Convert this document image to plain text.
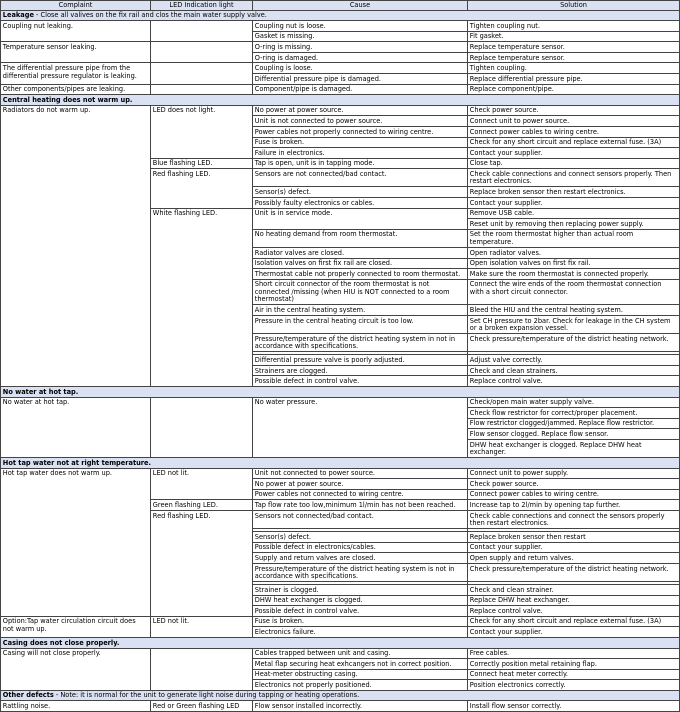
Complaint	LED Indication light	Cause	Solution
Leakage - Close all valives on the fix rail and clos the main water supply valve.			
Coupling nut leaking.		Coupling nut is loose.	Tighten coupling nut.
		Gasket is missing.	Fit gasket.
Temperature sensor leaking.		O-ring is missing.	Replace temperature sensor.
		O-ring is damaged.	Replace temperature sensor.
The differential pressure pipe from the differential pressure regulator is leaking.		Coupling is loose.	Tighten coupling.
		Differential pressure pipe is damaged.	Replace differential pressure pipe.
Other components/pipes are leaking.		Component/pipe is damaged.	Replace component/pipe.
Central heating does not warm up.			
Radiators do not warm up.	LED does not light.	No power at power source.	Check power source.
		Unit is not connected to power source.	Connect unit to power source.
		Power cables not properly connected to wiring centre.	Connect power cables to wiring centre.
		Fuse is broken.	Check for any short circuit and replace external fuse. (3A)
		Failure in electronics.	Contact your supplier.
	Blue flashing LED.	Tap is open, unit is in tapping mode.	Close tap.
	Red flashing LED.	Sensors are not connected/bad contact.	Check cable connections and connect sensors properly. Then restart electronics.
		Sensor(s) defect.	Replace broken sensor then restart electronics.
		Possibly faulty electronics or cables.	Contact your supplier.
	White flashing LED.	Unit is in service mode.	Remove USB cable.
			Reset unit by removing then replacing power supply.
		No heating demand from room thermostat.	Set the room thermostat higher than actual room temperature.
		Radiator valves are closed.	Open radiator valves.
		Isolation valves on first fix rail are closed.	Open isolation valves on first fix rail.
		Thermostat cable not properly connected to room thermostat.	Make sure the room thermostat is connected properly.
		Short circuit connector of the room thermostat is not connected /missing (when HIU is NOT connected to a room thermostat)	Connect the wire ends of the room thermostat connection with a short circuit connector.
		Air in the central heating system.	Bleed the HIU and the central heating system.
		Pressure in the central heating circuit is too low.	Set CH pressure to 2bar. Check for leakage in the CH system or a broken expansion vessel.
		Pressure/temperature of the district heating system in not in accordance with specifications.	Check pressure/temperature of the district heating network.

		Differential pressure valve is poorly adjusted.	Adjust valve correctly.
		Strainers are clogged.	Check and clean strainers.
		Possible defect in control valve.	Replace control valve.
No water at hot tap.			
No water at hot tap.		No water pressure.	Check/open main water supply valve.
			Check flow restrictor for correct/proper placement.
			Flow restrictor clogged/jammed. Replace flow restrictor.
			Flow sensor clogged. Replace flow sensor.
			DHW heat exchanger is clogged. Replace DHW heat exchanger.
Hot tap water not at right temperature.			
Hot tap water does not warm up.	LED not lit.	Unit not connected to power source.	Connect unit to power supply.
		No power at power source.	Check power source.
		Power cables not connected to wiring centre.	Connect power cables to wiring centre.
	Green flashing LED.	Tap flow rate too low,minimum 1l/min has not been reached.	Increase tap to 2l/min by opening tap further.
	Red flashing LED.	Sensors not connected/bad contact.	Check cable connections and connect the sensors properly then restart electronics.

		Sensor(s) defect.	Replace broken sensor then restart
		Possible defect in electronics/cables.	Contact your supplier.
		Supply and return valves are closed.	Open supply and return valves.
		Pressure/temperature of the district heating system is not in accordance with specifications.	Check pressure/temperature of the district heating network.

		Strainer is clogged.	Check and clean strainer.
		DHW heat exchanger is clogged.	Replace DHW heat exchanger.
		Possible defect in control valve.	Replace control valve.
Option:Tap water circulation circuit does not warm up.	LED not lit.	Fuse is broken.	Check for any short circuit and replace external fuse. (3A)
		Electronics failure.	Contact your supplier.
Casing does not close properly.			
Casing will not close properly.		Cables trapped between unit and casing.	Free cables.
		Metal flap securing heat exhcangers not in correct position.	Correctly position metal retaining flap.
		Heat-meter obstructing casing.	Connect heat meter correctly.
		Electronics not properly positioned.	Position electronics correctly.
Other defects - Note: it is normal for the unit to generate light noise during tapping or heating operations.			
Rattling noise.	Red or Green flashing LED	Flow sensor installed incorrectly.	Install flow sensor correctly.
